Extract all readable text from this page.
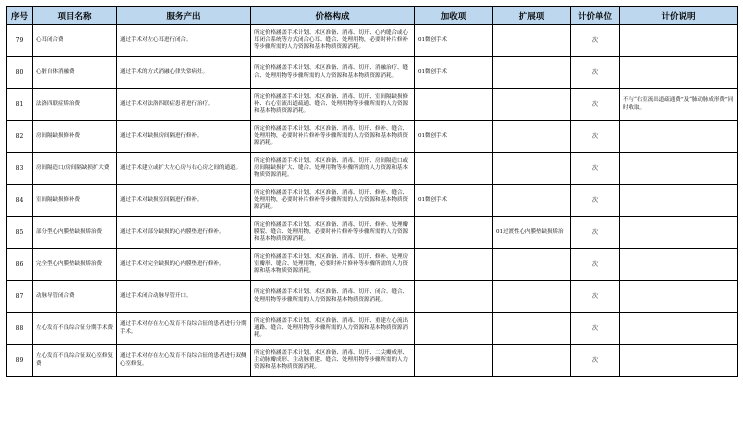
序号	项目名称	服务产出	价格构成	加收项	扩展项	计价单位	计价说明
79	心耳闭合费	通过手术对左心耳进行闭合。	所定价格涵盖手术计划、术区准备、消毒、切开、心内缝合或心耳闭合系统等方式闭合心耳、缝合、处理用物，必要时补片修补等步骤所需的人力资源和基本物质资源消耗。	01微创手术		次	
80	心脏自体消融费	通过手术的方式消融心律失常病灶。	所定价格涵盖手术计划、术区准备、消毒、切开、消融治疗、缝合、处理用物等步骤所需的人力资源和基本物质资源消耗。	01微创手术		次	
81	法洛四联症矫治费	通过手术对法洛四联症患者进行治疗。	所定价格涵盖手术计划、术区准备、消毒、切开、室间隔缺损修补、右心室流出道疏通、缝合、处理用物等步骤所需的人力资源和基本物质资源消耗。			次	不与“右室流出道疏通费”及“肺动脉成形费”同时收取。
82	房间隔缺损修补费	通过手术对缺损房间隔进行修补。	所定价格涵盖手术计划、术区准备、消毒、切开、修补、缝合、处理用物，必要时补片修补等步骤所需的人力资源和基本物质资源消耗。	01微创手术		次	
83	房间隔造口/房间隔缺损扩大费	通过手术建立或扩大左心房与右心房之间的通道。	所定价格涵盖手术计划、术区准备、消毒、切开、房间隔造口或房间隔缺损扩大、缝合、处理用物等步骤所需的人力资源和基本物质资源消耗。			次	
84	室间隔缺损修补费	通过手术对缺损室间隔进行修补。	所定价格涵盖手术计划、术区准备、消毒、切开、修补、缝合、处理用物，必要时补片修补等步骤所需的人力资源和基本物质资源消耗。	01微创手术		次	
85	部分型心内膜垫缺损矫治费	通过手术对部分缺损的心内膜垫进行修补。	所定价格涵盖手术计划、术区准备、消毒、切开、修补、处理瓣膜裂、缝合、处理用物，必要时补片修补等步骤所需的人力资源和基本物质资源消耗。		01过渡性心内膜垫缺损矫治	次	
86	完全型心内膜垫缺损矫治费	通过手术对完全缺损的心内膜垫进行修补。	所定价格涵盖手术计划、术区准备、消毒、切开、修补、处理房室瓣形、缝合、处理用物，必要时补片修补等步骤所需的人力资源和基本物质资源消耗。			次	
87	动脉导管闭合费	通过手术闭合动脉导管开口。	所定价格涵盖手术计划、术区准备、消毒、切开、闭合、缝合、处理用物等步骤所需的人力资源和基本物质资源消耗。			次	
88	左心发育不良综合征分期手术费	通过手术对存在左心发育不良综合征的患者进行分期手术。	所定价格涵盖手术计划、术区准备、消毒、切开、重建左心流出通路、缝合、处理用物等步骤所需的人力资源和基本物质资源消耗。			次	
89	左心发育不良综合征双心室修复费	通过手术对存在左心发育不良综合征的患者进行双侧心室修复。	所定价格涵盖手术计划、术区准备、消毒、切开、二尖瓣成形、主动脉瓣成形、主动脉重建、缝合、处理用物等步骤所需的人力资源和基本物质资源消耗。			次	
